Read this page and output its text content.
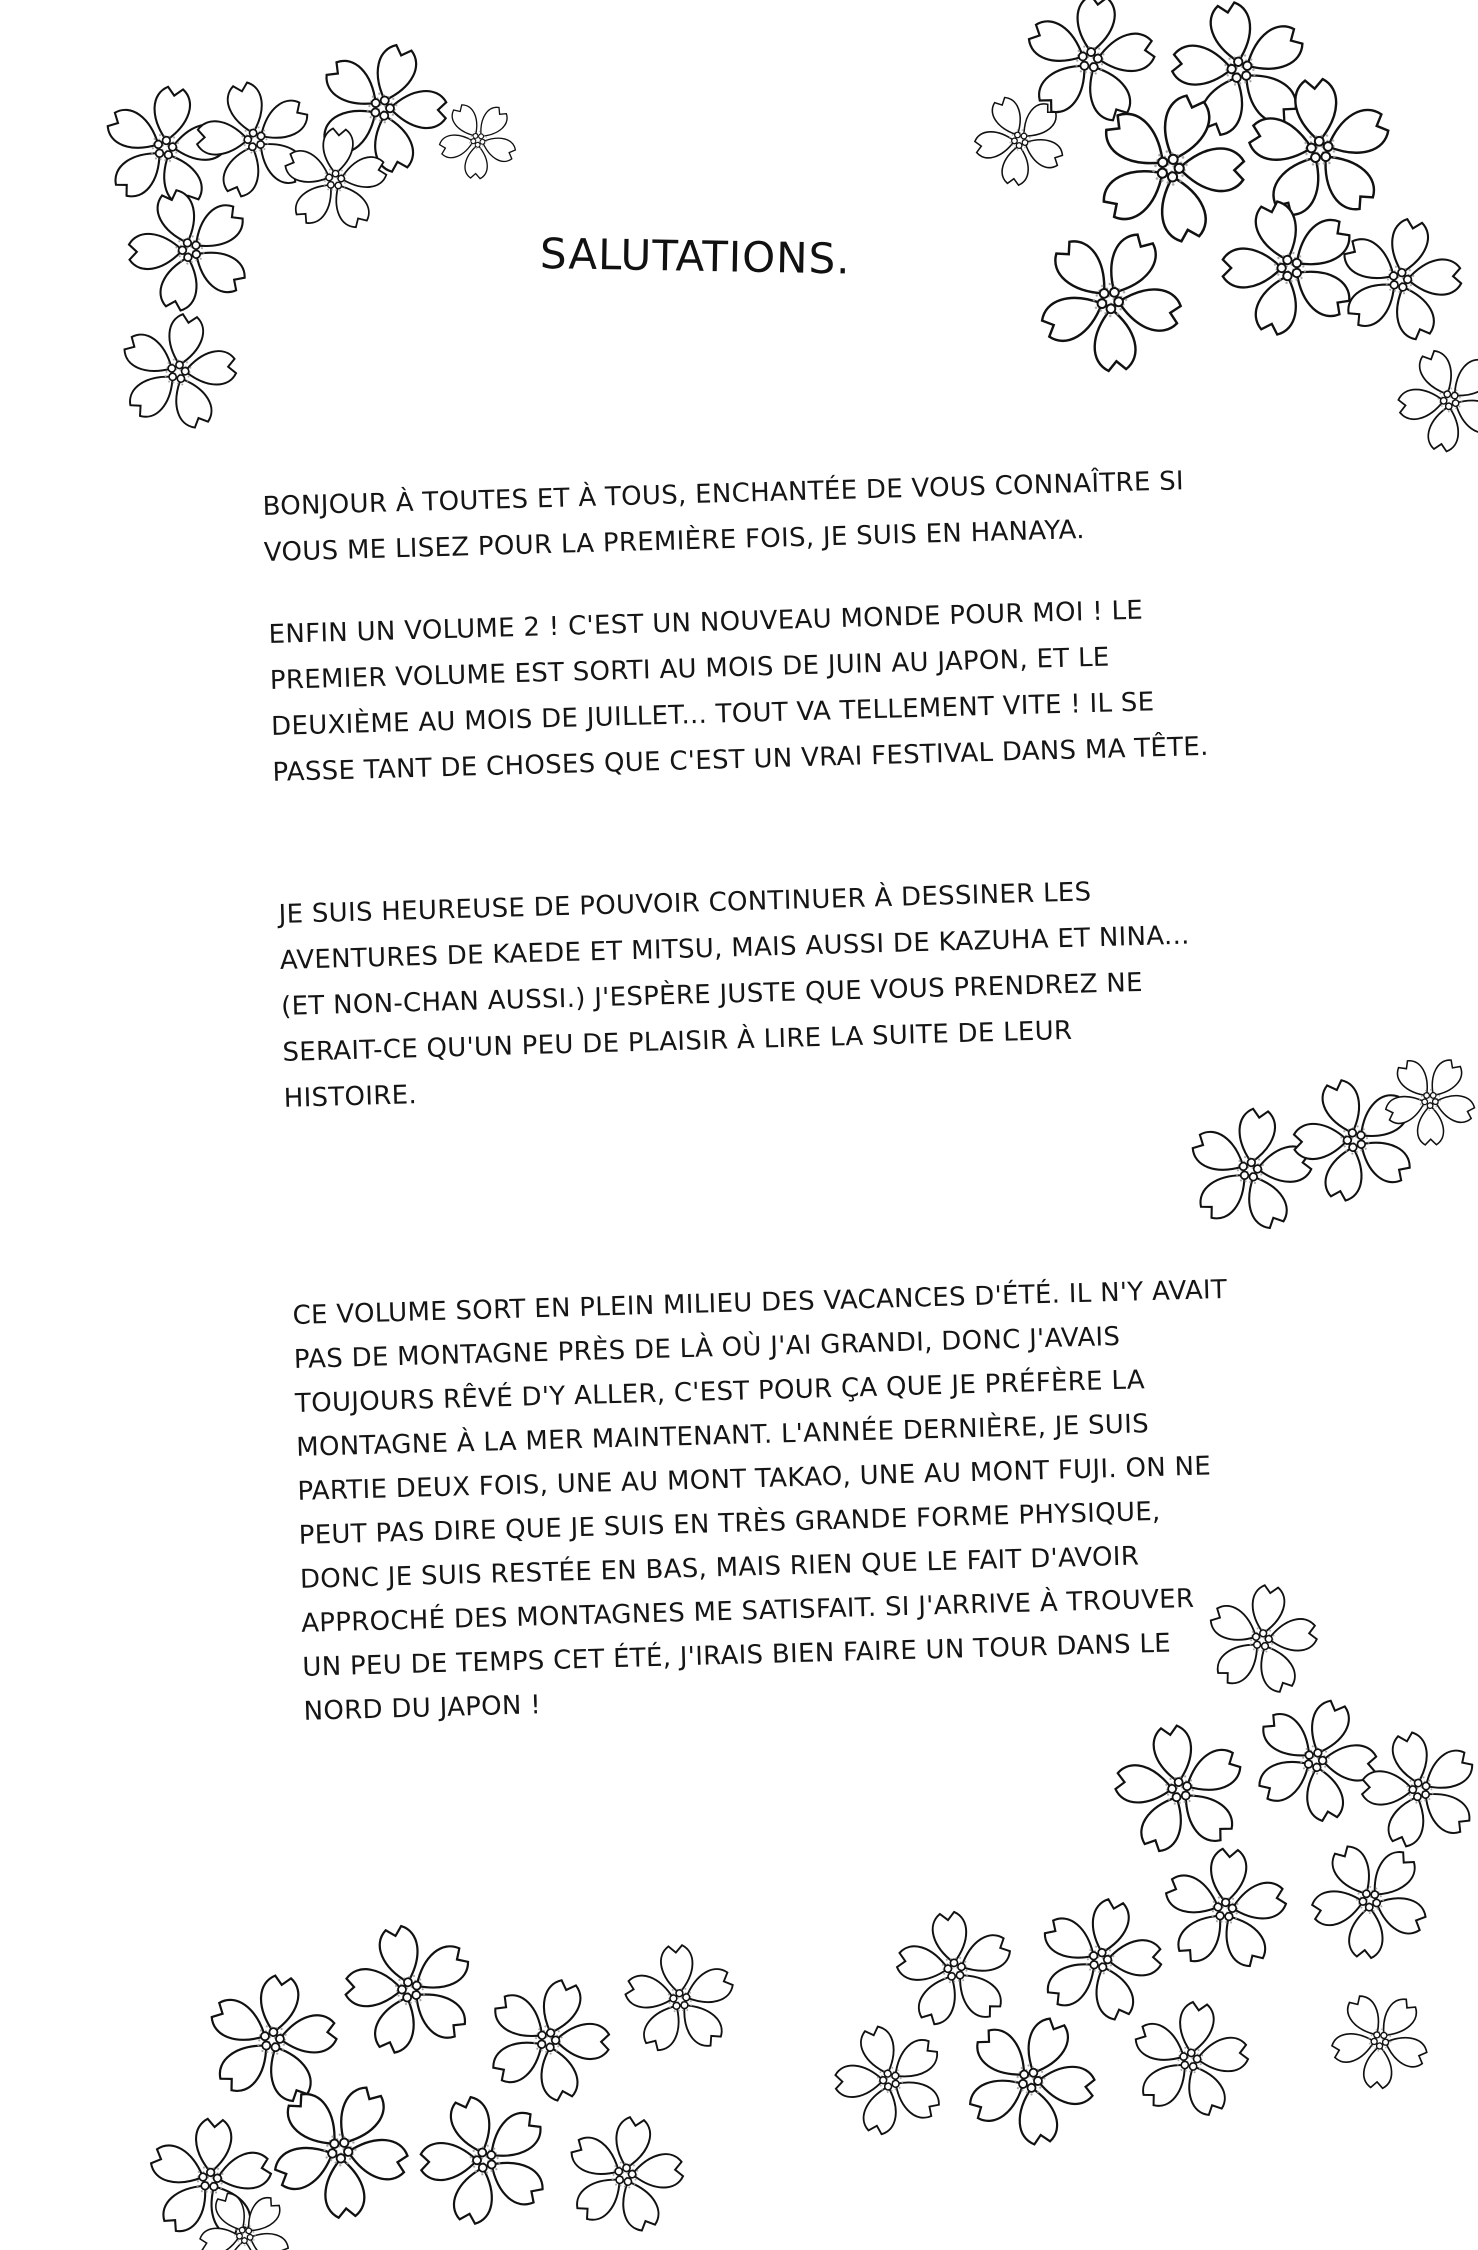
SALUTATIONS.
BONJOUR À TOUTES ET À TOUS, ENCHANTÉE DE VOUS CONNAÎTRE SI VOUS ME LISEZ POUR LA PREMIÈRE FOIS, JE SUIS EN HANAYA.
ENFIN UN VOLUME 2 ! C'EST UN NOUVEAU MONDE POUR MOI ! LE PREMIER VOLUME EST SORTI AU MOIS DE JUIN AU JAPON, ET LE DEUXIÈME AU MOIS DE JUILLET... TOUT VA TELLEMENT VITE ! IL SE PASSE TANT DE CHOSES QUE C'EST UN VRAI FESTIVAL DANS MA TÊTE.
JE SUIS HEUREUSE DE POUVOIR CONTINUER À DESSINER LES AVENTURES DE KAEDE ET MITSU, MAIS AUSSI DE KAZUHA ET NINA... (ET NON-CHAN AUSSI.) J'ESPÈRE JUSTE QUE VOUS PRENDREZ NE SERAIT-CE QU'UN PEU DE PLAISIR À LIRE LA SUITE DE LEUR HISTOIRE.
CE VOLUME SORT EN PLEIN MILIEU DES VACANCES D'ÉTÉ. IL N'Y AVAIT PAS DE MONTAGNE PRÈS DE LÀ OÙ J'AI GRANDI, DONC J'AVAIS TOUJOURS RÊVÉ D'Y ALLER, C'EST POUR ÇA QUE JE PRÉFÈRE LA MONTAGNE À LA MER MAINTENANT. L'ANNÉE DERNIÈRE, JE SUIS PARTIE DEUX FOIS, UNE AU MONT TAKAO, UNE AU MONT FUJI. ON NE PEUT PAS DIRE QUE JE SUIS EN TRÈS GRANDE FORME PHYSIQUE, DONC JE SUIS RESTÉE EN BAS, MAIS RIEN QUE LE FAIT D'AVOIR APPROCHÉ DES MONTAGNES ME SATISFAIT. SI J'ARRIVE À TROUVER UN PEU DE TEMPS CET ÉTÉ, J'IRAIS BIEN FAIRE UN TOUR DANS LE NORD DU JAPON !
